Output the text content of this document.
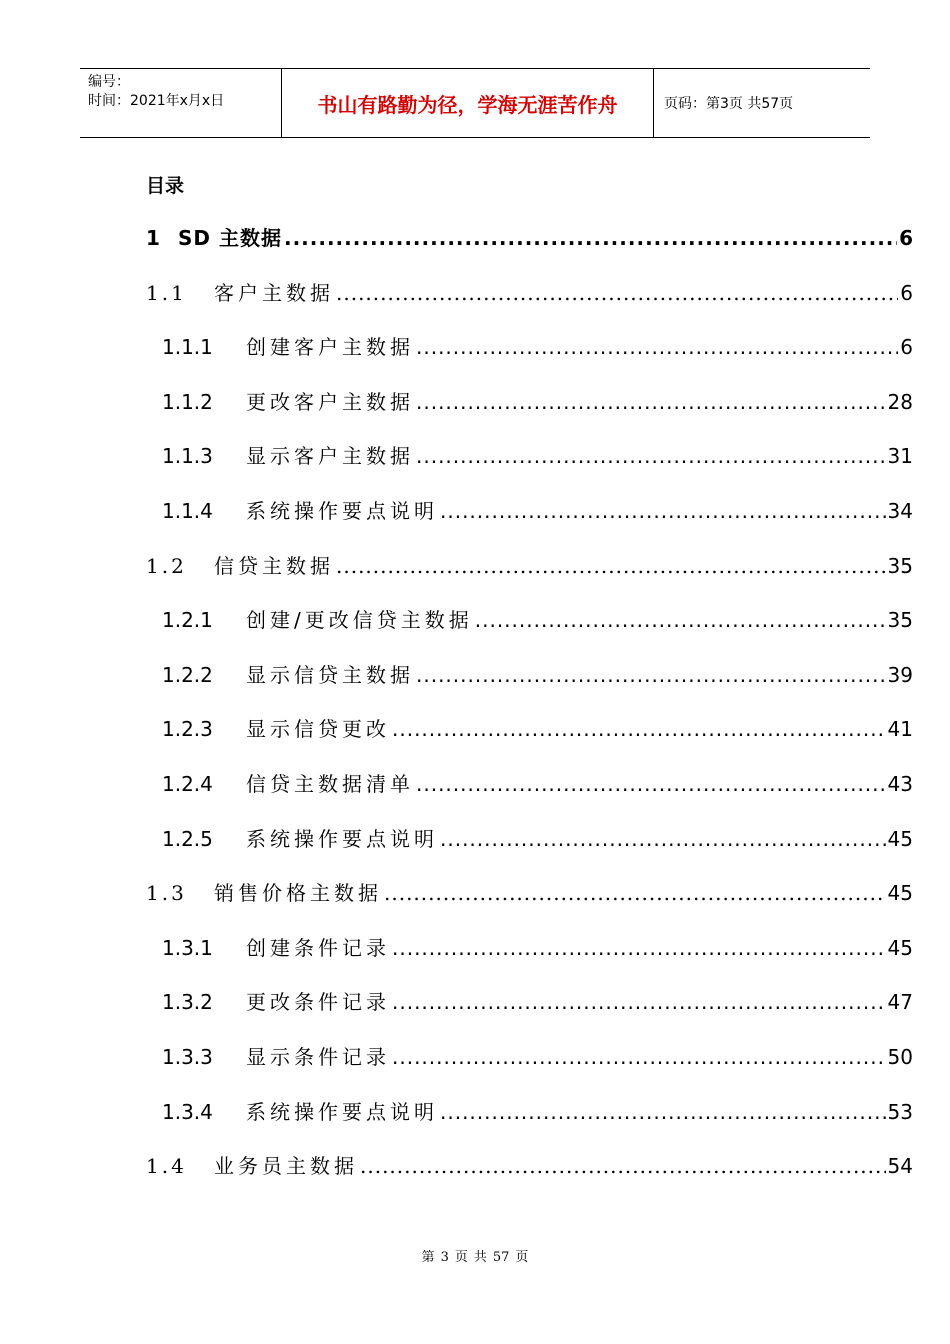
编号：
时间：2021年x月x日	书山有路勤为径，学海无涯苦作舟	页码：第3页 共57页
目录
1 SD 主数据 .....	6
1.1	客户主数据 .....	6
1.1.1	创建客户主数据 .....	6
1.1.2	更改客户主数据 .....	28
1.1.3	显示客户主数据 .....	31
1.1.4	系统操作要点说明 .....	34
1.2	信贷主数据 .....	35
1.2.1	创建/更改信贷主数据 .....	35
1.2.2	显示信贷主数据 .....	39
1.2.3	显示信贷更改 .....	41
1.2.4	信贷主数据清单 .....	43
1.2.5	系统操作要点说明 .....	45
1.3	销售价格主数据 .....	45
1.3.1	创建条件记录 .....	45
1.3.2	更改条件记录 .....	47
1.3.3	显示条件记录 .....	50
1.3.4	系统操作要点说明 .....	53
1.4	业务员主数据 .....	54
第 3 页 共 57 页
